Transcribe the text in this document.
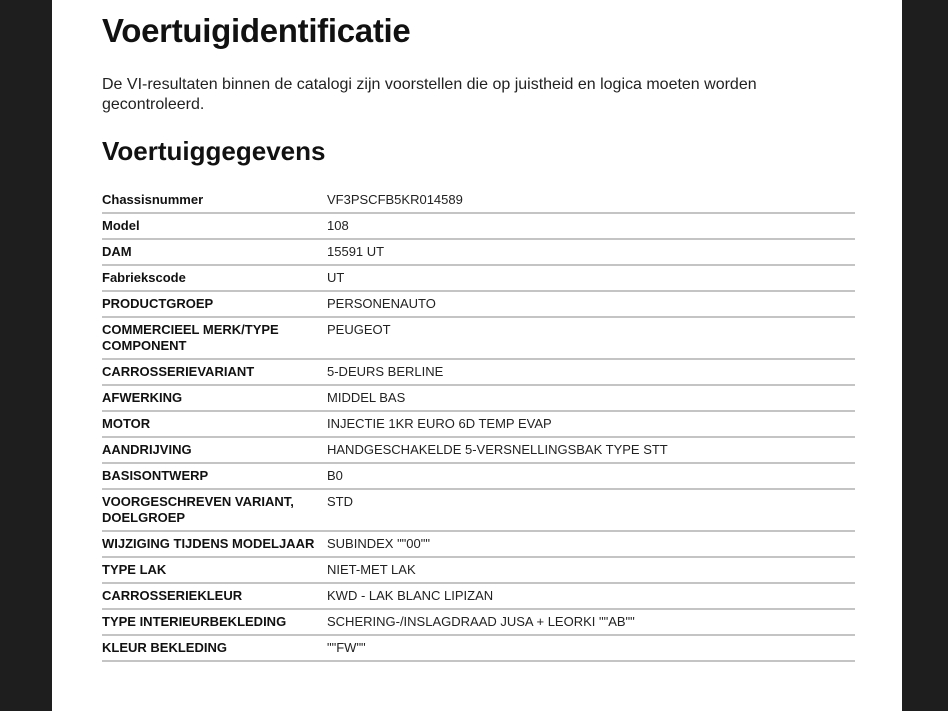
Voertuigidentificatie

De VI-resultaten binnen de catalogi zijn voorstellen die op juistheid en logica moeten worden gecontroleerd.

Voertuiggegevens
Chassisnummer	VF3PSCFB5KR014589
Model	108
DAM	15591 UT
Fabriekscode	UT
PRODUCTGROEP	PERSONENAUTO
COMMERCIEEL MERK/TYPE COMPONENT	PEUGEOT
CARROSSERIEVARIANT	5-DEURS BERLINE
AFWERKING	MIDDEL BAS
MOTOR	INJECTIE 1KR EURO 6D TEMP EVAP
AANDRIJVING	HANDGESCHAKELDE 5-VERSNELLINGSBAK TYPE STT
BASISONTWERP	B0
VOORGESCHREVEN VARIANT, DOELGROEP	STD
WIJZIGING TIJDENS MODELJAAR	SUBINDEX ""00""
TYPE LAK	NIET-MET LAK
CARROSSERIEKLEUR	KWD - LAK BLANC LIPIZAN
TYPE INTERIEURBEKLEDING	SCHERING-/INSLAGDRAAD JUSA + LEORKI ""AB""
KLEUR BEKLEDING	""FW""
